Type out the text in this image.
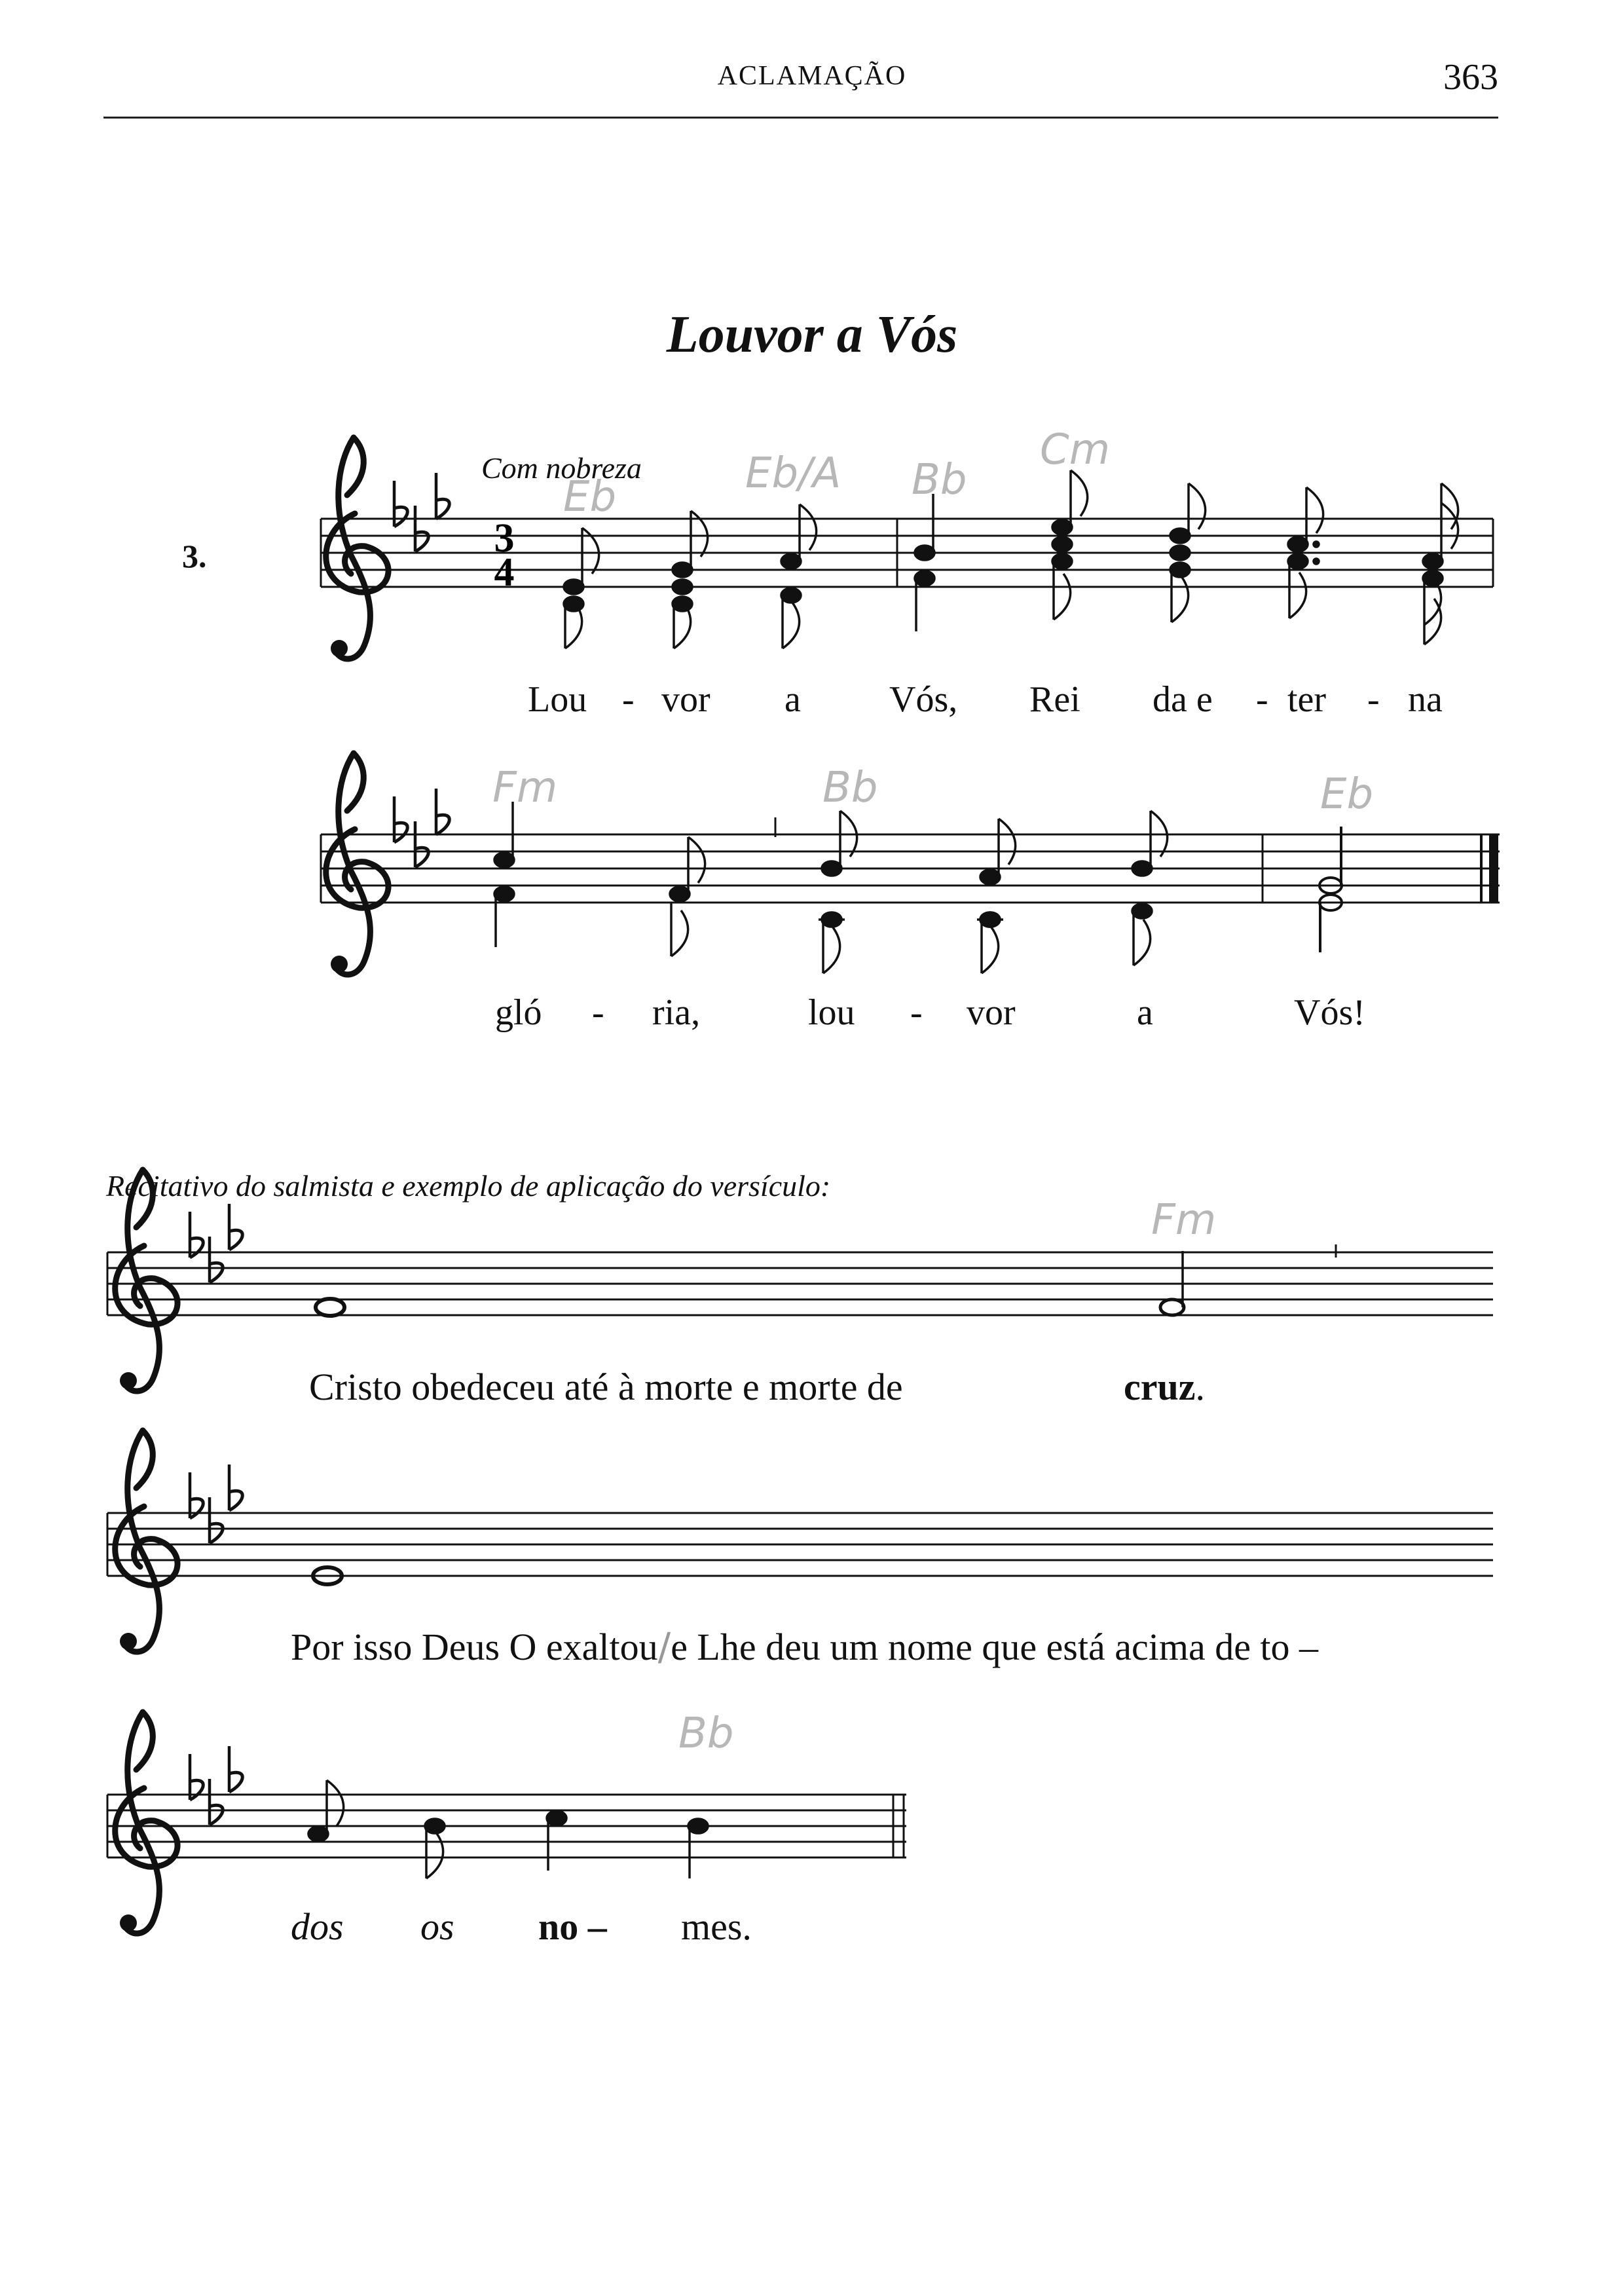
ACLAMAÇÃO	363
Louvor a Vós
Com nobreza
3.
Eb	Eb/A Bb
Cm
Fm	Bb	Eb
Fm
Bb
3
4
Lou - vor a Vós, Rei da e - ter - na
gló - ria,	lou - vor	a	Vós!
Recitativo do salmista e exemplo de aplicação do versículo:
Cristo obedeceu até à morte e morte de	cruz.
Por isso Deus O exaltou/e Lhe deu um nome que está acima de to –
dos os no – mes.
